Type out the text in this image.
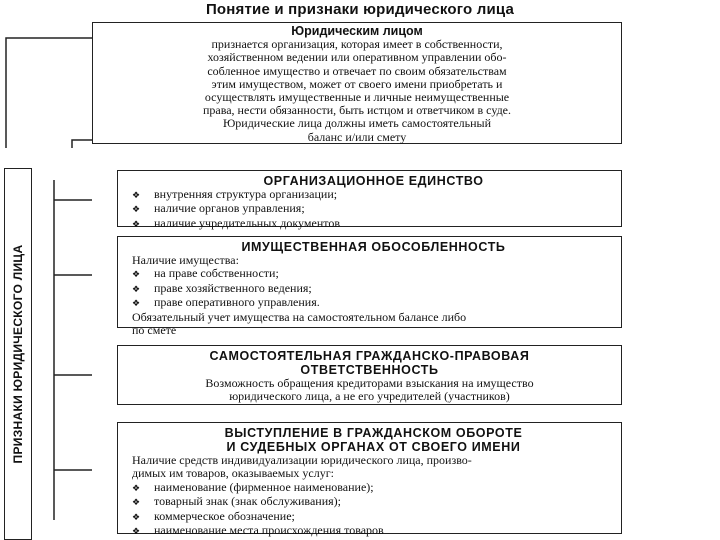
Понятие и признаки юридического лица
Юридическим лицом
признается организация, которая имеет в собственности,
хозяйственном ведении или оперативном управлении обо-
собленное имущество и отвечает по своим обязательствам
этим имуществом, может от своего имени приобретать и
осуществлять имущественные и личные неимущественные
права, нести обязанности, быть истцом и ответчиком в суде.
Юридические лица должны иметь самостоятельный
баланс и/или смету
ПРИЗНАКИ ЮРИДИЧЕСКОГО ЛИЦА
ОРГАНИЗАЦИОННОЕ ЕДИНСТВО
❖ внутренняя структура организации;
❖ наличие органов управления;
❖ наличие учредительных документов
ИМУЩЕСТВЕННАЯ ОБОСОБЛЕННОСТЬ
Наличие имущества:
❖ на праве собственности;
❖ праве хозяйственного ведения;
❖ праве оперативного управления.
Обязательный учет имущества на самостоятельном балансе либо
по смете
САМОСТОЯТЕЛЬНАЯ ГРАЖДАНСКО-ПРАВОВАЯ
ОТВЕТСТВЕННОСТЬ
Возможность обращения кредиторами взыскания на имущество
юридического лица, а не его учредителей (участников)
ВЫСТУПЛЕНИЕ В ГРАЖДАНСКОМ ОБОРОТЕ
И СУДЕБНЫХ ОРГАНАХ ОТ СВОЕГО ИМЕНИ
Наличие средств индивидуализации юридического лица, произво-
димых им товаров, оказываемых услуг:
❖ наименование (фирменное наименование);
❖ товарный знак (знак обслуживания);
❖ коммерческое обозначение;
❖ наименование места происхождения товаров
